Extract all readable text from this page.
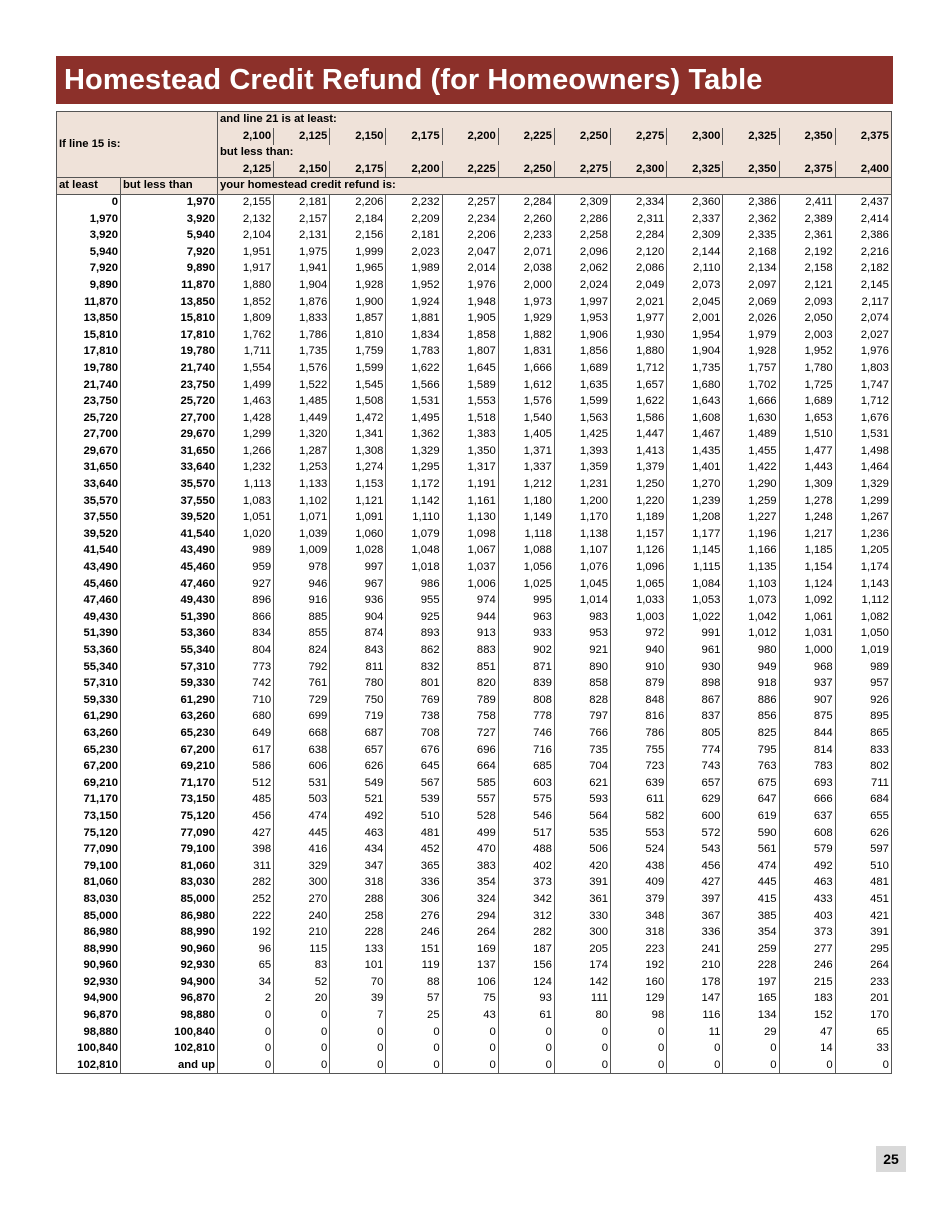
Homestead Credit Refund (for Homeowners) Table
If line 15 is:		and line 21 is at least:											
		2,100	2,125	2,150	2,175	2,200	2,225	2,250	2,275	2,300	2,325	2,350	2,375
		but less than:											
		2,125	2,150	2,175	2,200	2,225	2,250	2,275	2,300	2,325	2,350	2,375	2,400
at least	but less than	your homestead credit refund is:											
0	1,970	2,155	2,181	2,206	2,232	2,257	2,284	2,309	2,334	2,360	2,386	2,411	2,437
1,970	3,920	2,132	2,157	2,184	2,209	2,234	2,260	2,286	2,311	2,337	2,362	2,389	2,414
3,920	5,940	2,104	2,131	2,156	2,181	2,206	2,233	2,258	2,284	2,309	2,335	2,361	2,386
5,940	7,920	1,951	1,975	1,999	2,023	2,047	2,071	2,096	2,120	2,144	2,168	2,192	2,216
7,920	9,890	1,917	1,941	1,965	1,989	2,014	2,038	2,062	2,086	2,110	2,134	2,158	2,182
9,890	11,870	1,880	1,904	1,928	1,952	1,976	2,000	2,024	2,049	2,073	2,097	2,121	2,145
11,870	13,850	1,852	1,876	1,900	1,924	1,948	1,973	1,997	2,021	2,045	2,069	2,093	2,117
13,850	15,810	1,809	1,833	1,857	1,881	1,905	1,929	1,953	1,977	2,001	2,026	2,050	2,074
15,810	17,810	1,762	1,786	1,810	1,834	1,858	1,882	1,906	1,930	1,954	1,979	2,003	2,027
17,810	19,780	1,711	1,735	1,759	1,783	1,807	1,831	1,856	1,880	1,904	1,928	1,952	1,976
19,780	21,740	1,554	1,576	1,599	1,622	1,645	1,666	1,689	1,712	1,735	1,757	1,780	1,803
21,740	23,750	1,499	1,522	1,545	1,566	1,589	1,612	1,635	1,657	1,680	1,702	1,725	1,747
23,750	25,720	1,463	1,485	1,508	1,531	1,553	1,576	1,599	1,622	1,643	1,666	1,689	1,712
25,720	27,700	1,428	1,449	1,472	1,495	1,518	1,540	1,563	1,586	1,608	1,630	1,653	1,676
27,700	29,670	1,299	1,320	1,341	1,362	1,383	1,405	1,425	1,447	1,467	1,489	1,510	1,531
29,670	31,650	1,266	1,287	1,308	1,329	1,350	1,371	1,393	1,413	1,435	1,455	1,477	1,498
31,650	33,640	1,232	1,253	1,274	1,295	1,317	1,337	1,359	1,379	1,401	1,422	1,443	1,464
33,640	35,570	1,113	1,133	1,153	1,172	1,191	1,212	1,231	1,250	1,270	1,290	1,309	1,329
35,570	37,550	1,083	1,102	1,121	1,142	1,161	1,180	1,200	1,220	1,239	1,259	1,278	1,299
37,550	39,520	1,051	1,071	1,091	1,110	1,130	1,149	1,170	1,189	1,208	1,227	1,248	1,267
39,520	41,540	1,020	1,039	1,060	1,079	1,098	1,118	1,138	1,157	1,177	1,196	1,217	1,236
41,540	43,490	989	1,009	1,028	1,048	1,067	1,088	1,107	1,126	1,145	1,166	1,185	1,205
43,490	45,460	959	978	997	1,018	1,037	1,056	1,076	1,096	1,115	1,135	1,154	1,174
45,460	47,460	927	946	967	986	1,006	1,025	1,045	1,065	1,084	1,103	1,124	1,143
47,460	49,430	896	916	936	955	974	995	1,014	1,033	1,053	1,073	1,092	1,112
49,430	51,390	866	885	904	925	944	963	983	1,003	1,022	1,042	1,061	1,082
51,390	53,360	834	855	874	893	913	933	953	972	991	1,012	1,031	1,050
53,360	55,340	804	824	843	862	883	902	921	940	961	980	1,000	1,019
55,340	57,310	773	792	811	832	851	871	890	910	930	949	968	989
57,310	59,330	742	761	780	801	820	839	858	879	898	918	937	957
59,330	61,290	710	729	750	769	789	808	828	848	867	886	907	926
61,290	63,260	680	699	719	738	758	778	797	816	837	856	875	895
63,260	65,230	649	668	687	708	727	746	766	786	805	825	844	865
65,230	67,200	617	638	657	676	696	716	735	755	774	795	814	833
67,200	69,210	586	606	626	645	664	685	704	723	743	763	783	802
69,210	71,170	512	531	549	567	585	603	621	639	657	675	693	711
71,170	73,150	485	503	521	539	557	575	593	611	629	647	666	684
73,150	75,120	456	474	492	510	528	546	564	582	600	619	637	655
75,120	77,090	427	445	463	481	499	517	535	553	572	590	608	626
77,090	79,100	398	416	434	452	470	488	506	524	543	561	579	597
79,100	81,060	311	329	347	365	383	402	420	438	456	474	492	510
81,060	83,030	282	300	318	336	354	373	391	409	427	445	463	481
83,030	85,000	252	270	288	306	324	342	361	379	397	415	433	451
85,000	86,980	222	240	258	276	294	312	330	348	367	385	403	421
86,980	88,990	192	210	228	246	264	282	300	318	336	354	373	391
88,990	90,960	96	115	133	151	169	187	205	223	241	259	277	295
90,960	92,930	65	83	101	119	137	156	174	192	210	228	246	264
92,930	94,900	34	52	70	88	106	124	142	160	178	197	215	233
94,900	96,870	2	20	39	57	75	93	111	129	147	165	183	201
96,870	98,880	0	0	7	25	43	61	80	98	116	134	152	170
98,880	100,840	0	0	0	0	0	0	0	0	11	29	47	65
100,840	102,810	0	0	0	0	0	0	0	0	0	0	14	33
102,810	and up	0	0	0	0	0	0	0	0	0	0	0	0
25
